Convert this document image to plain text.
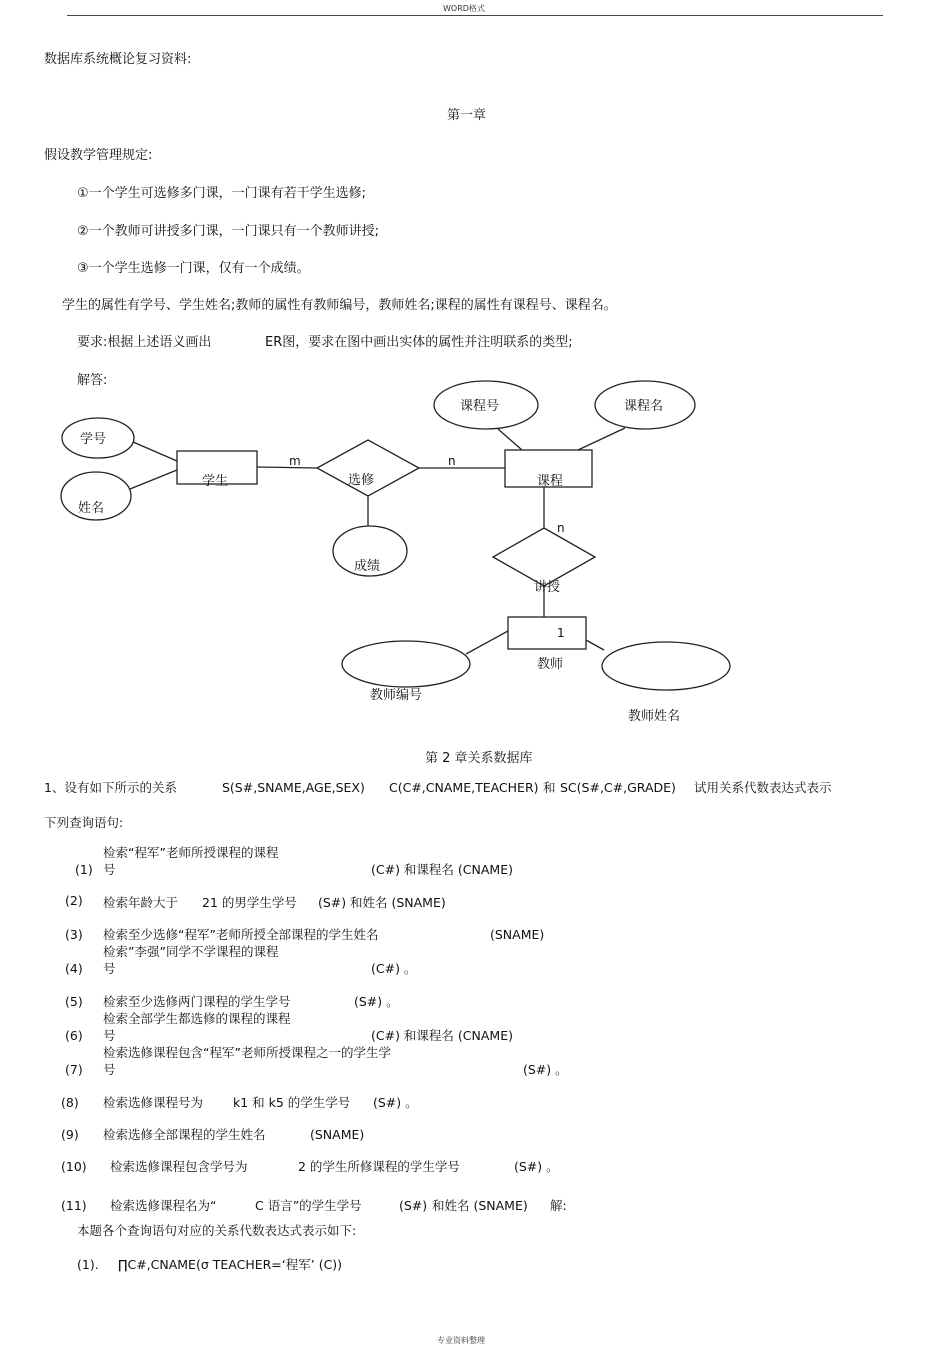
WORD格式
数据库系统概论复习资料:
第一章
假设教学管理规定:
①一个学生可选修多门课，一门课有若干学生选修;
②一个教师可讲授多门课，一门课只有一个教师讲授;
③一个学生选修一门课，仅有一个成绩。
学生的属性有学号、学生姓名;教师的属性有教师编号，教师姓名;课程的属性有课程号、课程名。
要求:根据上述语义画出	ER图，要求在图中画出实体的属性并注明联系的类型;
解答:
学号
姓名
学生	选修
成绩
课程号	课程名
课程
讲授
教师
教师编号
教师姓名
m	n
n
1
第 2 章关系数据库
1、设有如下所示的关系	S(S#,SNAME,AGE,SEX) C(C#,CNAME,TEACHER) 和 SC(S#,C#,GRADE) 试用关系代数表达式表示
下列查询语句:
(1)
检索“程军”老师所授课程的课程
号	(C#) 和课程名 (CNAME)
(2) 检索年龄大于 21 的男学生学号 (S#) 和姓名 (SNAME)
(3) 检索至少选修“程军”老师所授全部课程的学生姓名	(SNAME)
(4)
检索”李强”同学不学课程的课程
号	(C#) 。
(5) 检索至少选修两门课程的学生学号	(S#) 。
(6)
检索全部学生都选修的课程的课程
号	(C#) 和课程名 (CNAME)
(7)
检索选修课程包含“程军”老师所授课程之一的学生学
号	(S#) 。
(8) 检索选修课程号为 k1 和 k5 的学生学号 (S#) 。
(9) 检索选修全部课程的学生姓名	(SNAME)
(10) 检索选修课程包含学号为	2 的学生所修课程的学生学号	(S#) 。
(11) 检索选修课程名为“	C 语言”的学生学号	(S#) 和姓名 (SNAME) 解:
本题各个查询语句对应的关系代数表达式表示如下:
(1). ∏C#,CNAME(σ TEACHER=‘程军’ (C))
专业资料整理
